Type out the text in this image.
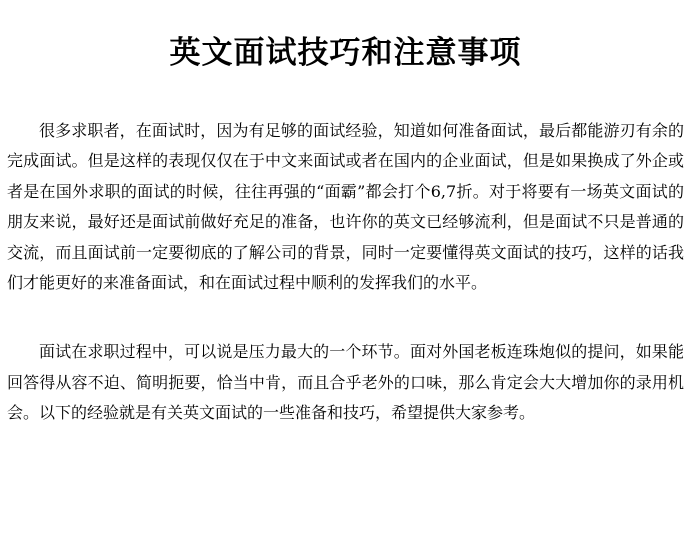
英文面试技巧和注意事项

很多求职者，在面试时，因为有足够的面试经验，知道如何准备面试，最后都能游刃有余的完成面试。但是这样的表现仅仅在于中文来面试或者在国内的企业面试，但是如果换成了外企或者是在国外求职的面试的时候，往往再强的“面霸”都会打个6,7折。对于将要有一场英文面试的朋友来说，最好还是面试前做好充足的准备，也许你的英文已经够流利，但是面试不只是普通的交流，而且面试前一定要彻底的了解公司的背景，同时一定要懂得英文面试的技巧，这样的话我们才能更好的来准备面试，和在面试过程中顺利的发挥我们的水平。

面试在求职过程中，可以说是压力最大的一个环节。面对外国老板连珠炮似的提问，如果能回答得从容不迫、简明扼要，恰当中肯，而且合乎老外的口味，那么肯定会大大增加你的录用机会。以下的经验就是有关英文面试的一些准备和技巧，希望提供大家参考。
